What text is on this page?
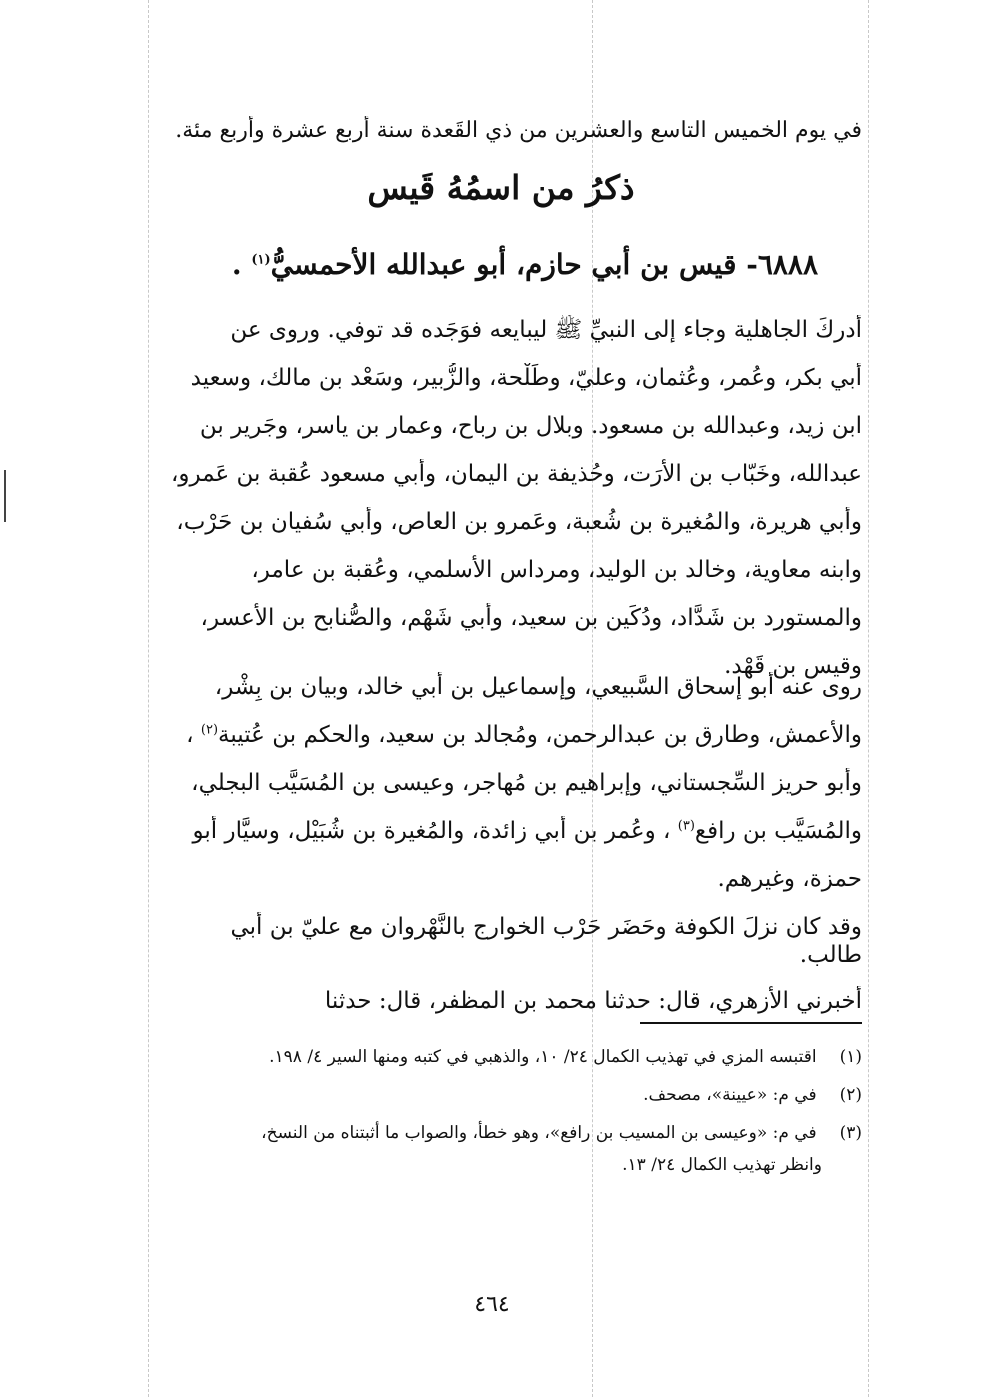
في يوم الخميس التاسع والعشرين من ذي القَعدة سنة أربع عشرة وأربع مئة.
ذكرُ من اسمُهُ قَيس
٦٨٨٨- قيس بن أبي حازم، أبو عبدالله الأحمسيُّ$^{(١)}$ .
أدركَ الجاهلية وجاء إلى النبيِّ ﷺ ليبايعه فوَجَده قد توفي. وروى عن
أبي بكر، وعُمر، وعُثمان، وعليّ، وطَلْحة، والزُّبير، وسَعْد بن مالك، وسعيد
ابن زيد، وعبدالله بن مسعود. وبلال بن رباح، وعمار بن ياسر، وجَرير بن
عبدالله، وخَبّاب بن الأرَت، وحُذيفة بن اليمان، وأبي مسعود عُقبة بن عَمرو،
وأبي هريرة، والمُغيرة بن شُعبة، وعَمرو بن العاص، وأبي سُفيان بن حَرْب،
وابنه معاوية، وخالد بن الوليد، ومرداس الأسلمي، وعُقبة بن عامر،
والمستورد بن شَدَّاد، ودُكَين بن سعيد، وأبي شَهْم، والصُّنابح بن الأعسر،
وقيس بن قَهْد.
روى عنه أبو إسحاق السَّبيعي، وإسماعيل بن أبي خالد، وبيان بن بِشْر،
والأعمش، وطارق بن عبدالرحمن، ومُجالد بن سعيد، والحكم بن عُتيبة$^{(٢)}$ ،
وأبو حريز السِّجستاني، وإبراهيم بن مُهاجر، وعيسى بن المُسَيَّب البجلي،
والمُسَيَّب بن رافع$^{(٣)}$ ، وعُمر بن أبي زائدة، والمُغيرة بن شُبَيْل، وسيَّار أبو
حمزة، وغيرهم.
وقد كان نزلَ الكوفة وحَضَر حَرْب الخوارج بالنَّهْروان مع عليّ بن أبي
طالب.
أخبرني الأزهري، قال: حدثنا محمد بن المظفر، قال: حدثنا
(١) اقتبسه المزي في تهذيب الكمال ٢٤/ ١٠، والذهبي في كتبه ومنها السير ٤/ ١٩٨.
(٢) في م: «عيينة»، مصحف.
(٣) في م: «وعيسى بن المسيب بن رافع»، وهو خطأ، والصواب ما أثبتناه من النسخ،
وانظر تهذيب الكمال ٢٤/ ١٣.
٤٦٤
